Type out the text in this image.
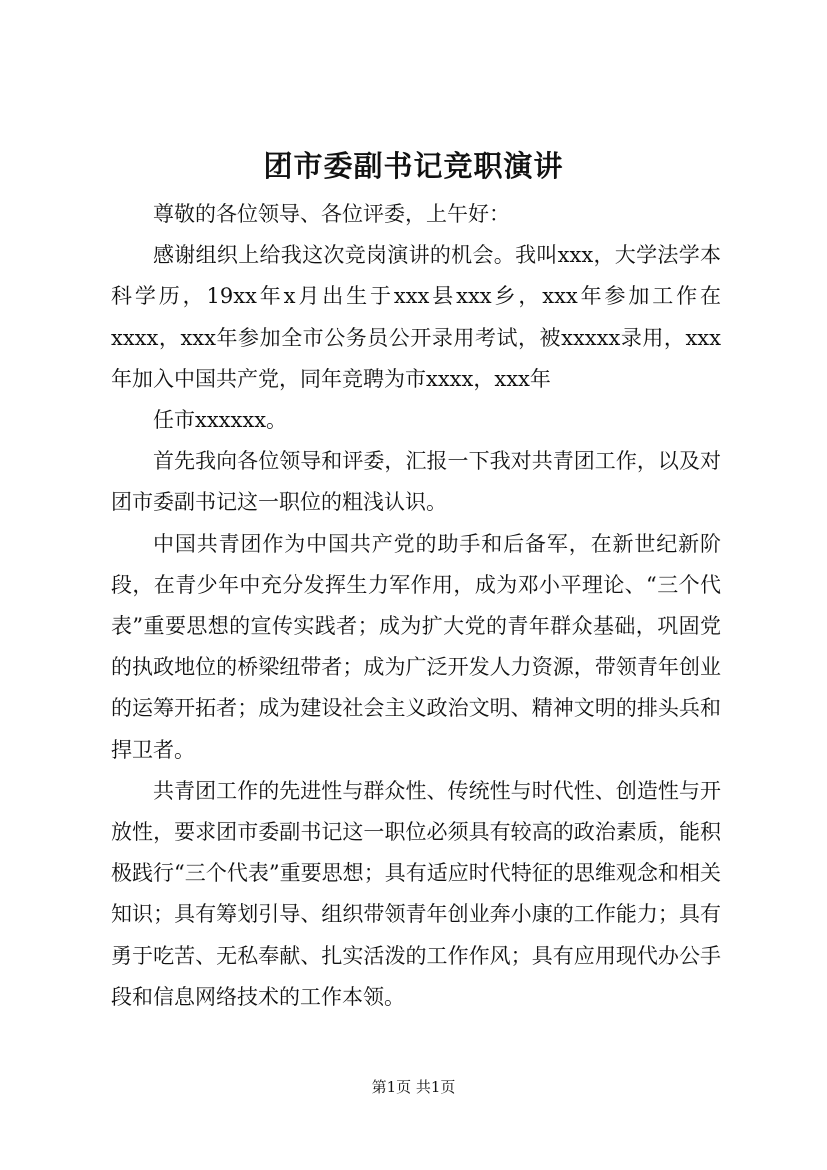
团市委副书记竞职演讲

尊敬的各位领导、各位评委，上午好：

感谢组织上给我这次竞岗演讲的机会。我叫xxx，大学法学本科学历，19xx年x月出生于xxx县xxx乡，xxx年参加工作在xxxx，xxx年参加全市公务员公开录用考试，被xxxxx录用，xxx年加入中国共产党，同年竞聘为市xxxx，xxx年

任市xxxxxx。

首先我向各位领导和评委，汇报一下我对共青团工作，以及对团市委副书记这一职位的粗浅认识。

中国共青团作为中国共产党的助手和后备军，在新世纪新阶段，在青少年中充分发挥生力军作用，成为邓小平理论、“三个代表”重要思想的宣传实践者；成为扩大党的青年群众基础，巩固党的执政地位的桥梁纽带者；成为广泛开发人力资源，带领青年创业的运筹开拓者；成为建设社会主义政治文明、精神文明的排头兵和捍卫者。

共青团工作的先进性与群众性、传统性与时代性、创造性与开放性，要求团市委副书记这一职位必须具有较高的政治素质，能积极践行“三个代表”重要思想；具有适应时代特征的思维观念和相关知识；具有筹划引导、组织带领青年创业奔小康的工作能力；具有勇于吃苦、无私奉献、扎实活泼的工作作风；具有应用现代办公手段和信息网络技术的工作本领。

第1页 共1页
